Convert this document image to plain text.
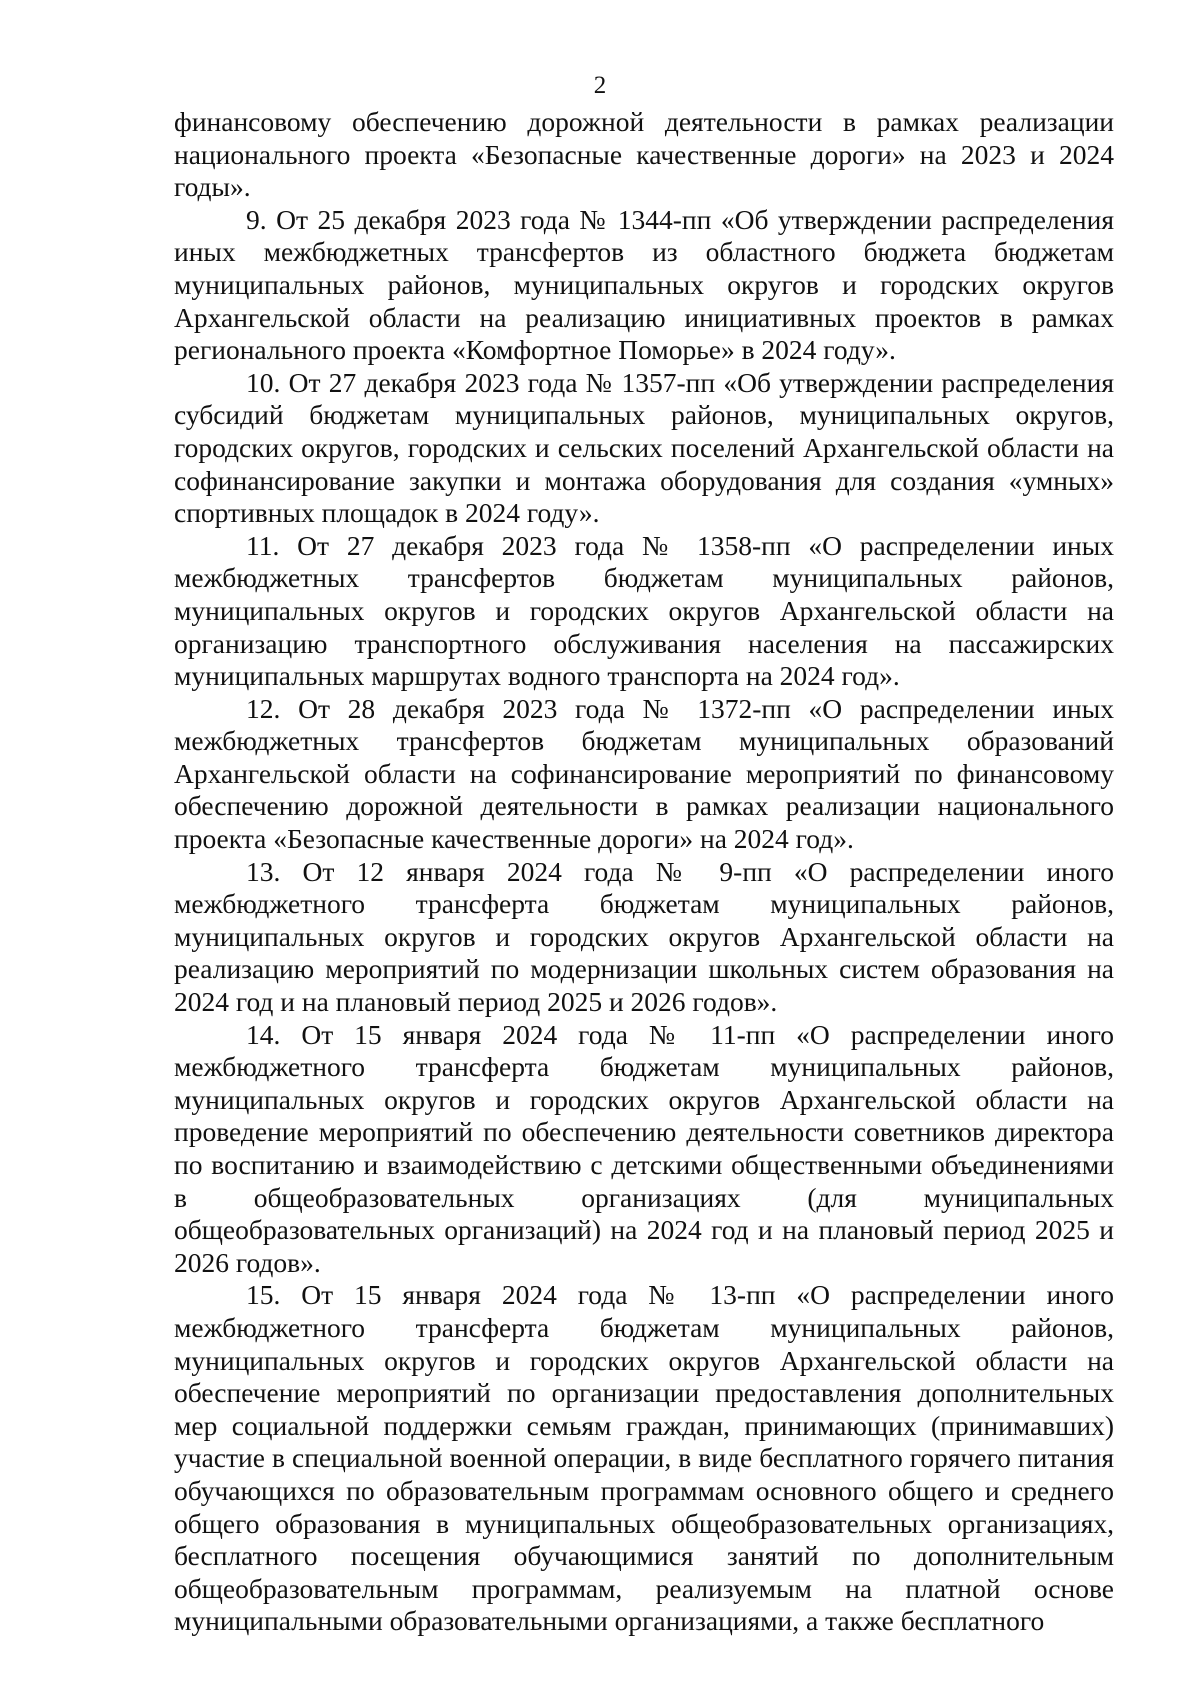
2

финансовому обеспечению дорожной деятельности в рамках реализации национального проекта «Безопасные качественные дороги» на 2023 и 2024 годы».

9. От 25 декабря 2023 года № 1344-пп «Об утверждении распределения иных межбюджетных трансфертов из областного бюджета бюджетам муниципальных районов, муниципальных округов и городских округов Архангельской области на реализацию инициативных проектов в рамках регионального проекта «Комфортное Поморье» в 2024 году».

10. От 27 декабря 2023 года № 1357-пп «Об утверждении распределения субсидий бюджетам муниципальных районов, муниципальных округов, городских округов, городских и сельских поселений Архангельской области на софинансирование закупки и монтажа оборудования для создания «умных» спортивных площадок в 2024 году».

11. От 27 декабря 2023 года № 1358-пп «О распределении иных межбюджетных трансфертов бюджетам муниципальных районов, муниципальных округов и городских округов Архангельской области на организацию транспортного обслуживания населения на пассажирских муниципальных маршрутах водного транспорта на 2024 год».

12. От 28 декабря 2023 года № 1372-пп «О распределении иных межбюджетных трансфертов бюджетам муниципальных образований Архангельской области на софинансирование мероприятий по финансовому обеспечению дорожной деятельности в рамках реализации национального проекта «Безопасные качественные дороги» на 2024 год».

13. От 12 января 2024 года № 9-пп «О распределении иного межбюджетного трансферта бюджетам муниципальных районов, муниципальных округов и городских округов Архангельской области на реализацию мероприятий по модернизации школьных систем образования на 2024 год и на плановый период 2025 и 2026 годов».

14. От 15 января 2024 года № 11-пп «О распределении иного межбюджетного трансферта бюджетам муниципальных районов, муниципальных округов и городских округов Архангельской области на проведение мероприятий по обеспечению деятельности советников директора по воспитанию и взаимодействию с детскими общественными объединениями в общеобразовательных организациях (для муниципальных общеобразовательных организаций) на 2024 год и на плановый период 2025 и 2026 годов».

15. От 15 января 2024 года № 13-пп «О распределении иного межбюджетного трансферта бюджетам муниципальных районов, муниципальных округов и городских округов Архангельской области на обеспечение мероприятий по организации предоставления дополнительных мер социальной поддержки семьям граждан, принимающих (принимавших) участие в специальной военной операции, в виде бесплатного горячего питания обучающихся по образовательным программам основного общего и среднего общего образования в муниципальных общеобразовательных организациях, бесплатного посещения обучающимися занятий по дополнительным общеобразовательным программам, реализуемым на платной основе муниципальными образовательными организациями, а также бесплатного
